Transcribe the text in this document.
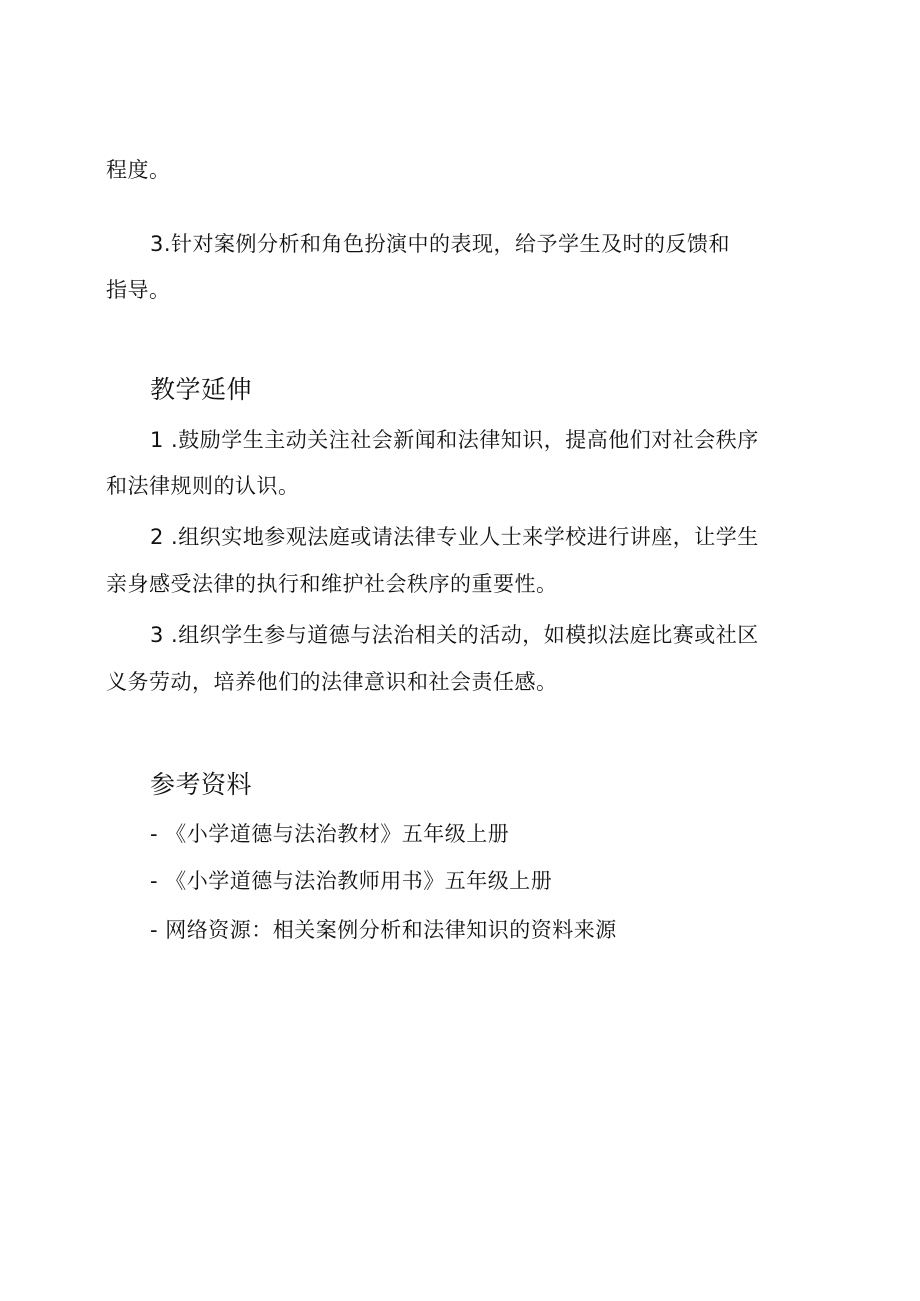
程度。
3.针对案例分析和角色扮演中的表现，给予学生及时的反馈和
指导。
教学延伸
1 .鼓励学生主动关注社会新闻和法律知识，提高他们对社会秩序
和法律规则的认识。
2 .组织实地参观法庭或请法律专业人士来学校进行讲座，让学生
亲身感受法律的执行和维护社会秩序的重要性。
3 .组织学生参与道德与法治相关的活动，如模拟法庭比赛或社区
义务劳动，培养他们的法律意识和社会责任感。
参考资料
- 《小学道德与法治教材》五年级上册
- 《小学道德与法治教师用书》五年级上册
- 网络资源：相关案例分析和法律知识的资料来源
